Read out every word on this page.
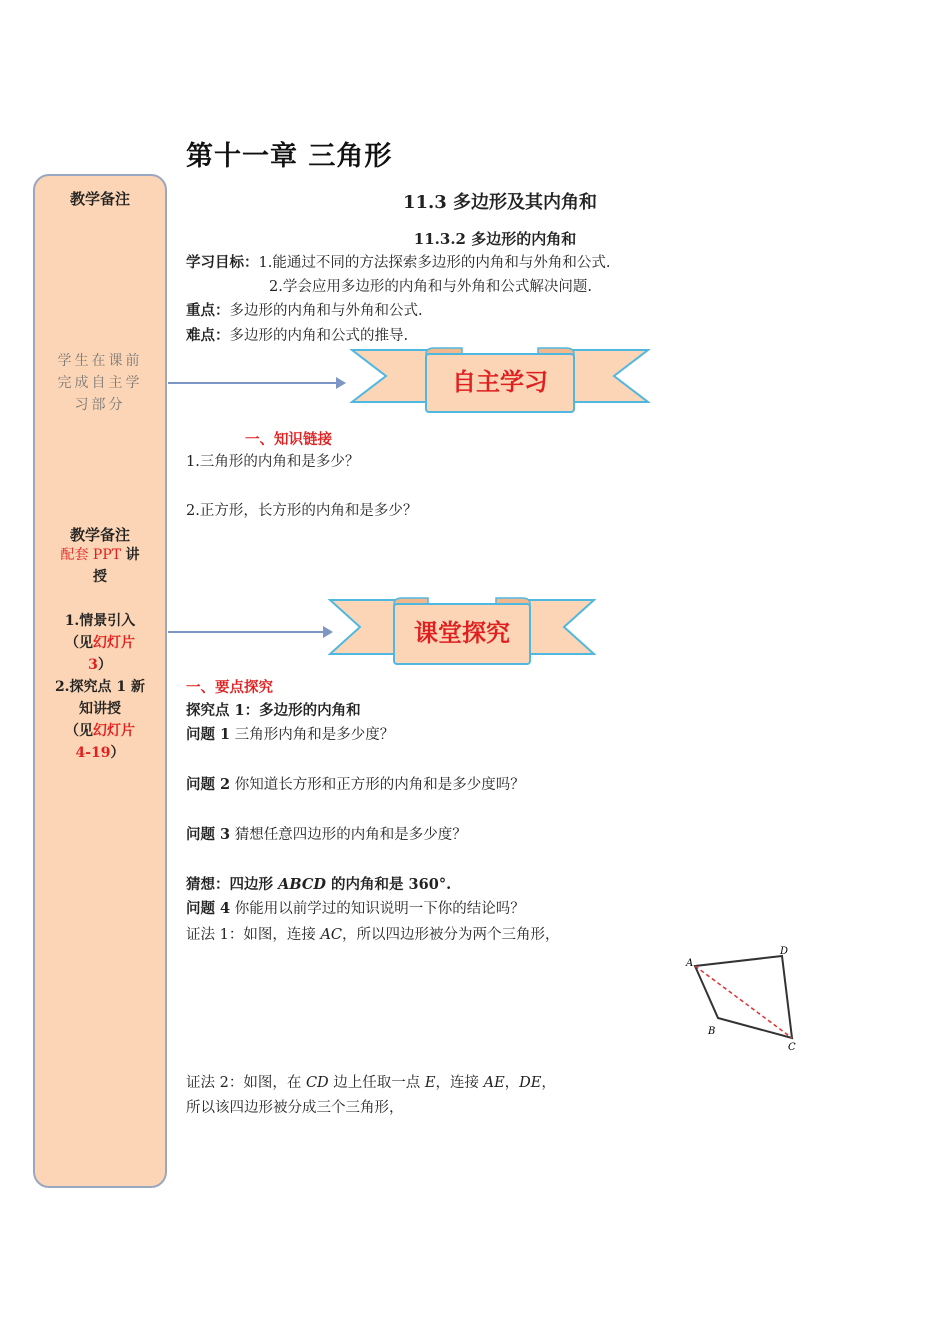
第十一章 三角形
教学备注
学生在课前
完成自主学
习部分
教学备注
配套 PPT 讲
授
1.情景引入
（见幻灯片
3）
2.探究点 1 新
知讲授
（见幻灯片
4-19）
11.3 多边形及其内角和
11.3.2 多边形的内角和
学习目标：1.能通过不同的方法探索多边形的内角和与外角和公式.
2.学会应用多边形的内角和与外角和公式解决问题.
重点：多边形的内角和与外角和公式.
难点：多边形的内角和公式的推导.
自主学习
一、知识链接
1.三角形的内角和是多少？
2.正方形，长方形的内角和是多少？
课堂探究
一、要点探究
探究点 1：多边形的内角和
问题 1 三角形内角和是多少度？
问题 2 你知道长方形和正方形的内角和是多少度吗？
问题 3 猜想任意四边形的内角和是多少度？
猜想：四边形 ABCD 的内角和是 360°.
问题 4 你能用以前学过的知识说明一下你的结论吗？
证法 1：如图，连接 AC，所以四边形被分为两个三角形，
A
D
B
C
证法 2：如图，在 CD 边上任取一点 E，连接 AE，DE，
所以该四边形被分成三个三角形，
